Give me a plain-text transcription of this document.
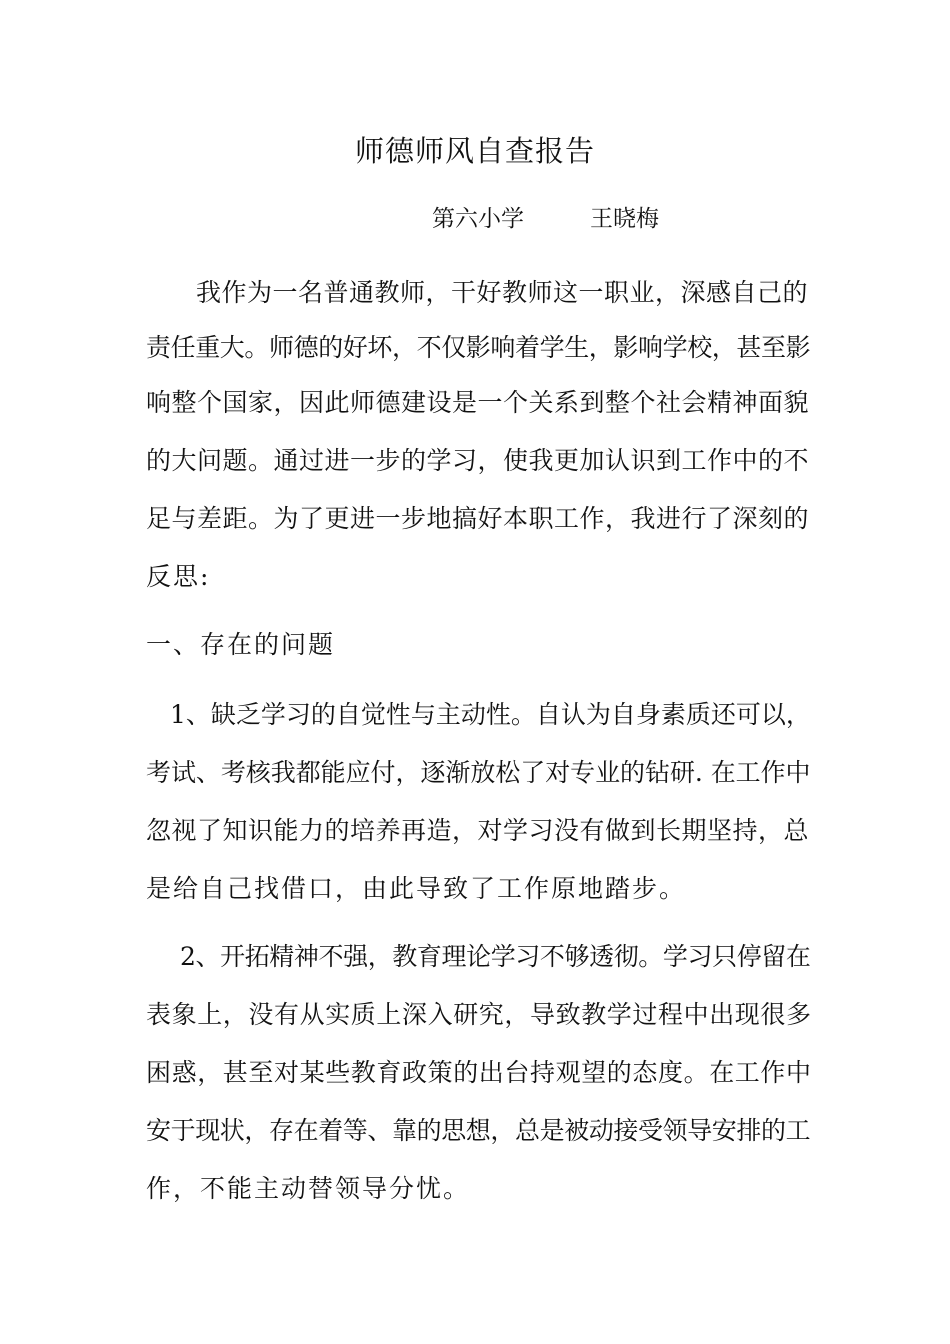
师德师风自查报告
第六小学	王晓梅
我作为一名普通教师，干好教师这一职业，深感自己的
责任重大。师德的好坏，不仅影响着学生，影响学校，甚至影
响整个国家，因此师德建设是一个关系到整个社会精神面貌
的大问题。通过进一步的学习，使我更加认识到工作中的不
足与差距。为了更进一步地搞好本职工作，我进行了深刻的
反思:
一、存在的问题
1、缺乏学习的自觉性与主动性。自认为自身素质还可以，
考试、考核我都能应付，逐渐放松了对专业的钻研. 在工作中
忽视了知识能力的培养再造，对学习没有做到长期坚持，总
是给自己找借口，由此导致了工作原地踏步。
2、开拓精神不强，教育理论学习不够透彻。学习只停留在
表象上，没有从实质上深入研究，导致教学过程中出现很多
困惑，甚至对某些教育政策的出台持观望的态度。在工作中
安于现状，存在着等、靠的思想，总是被动接受领导安排的工
作，不能主动替领导分忧。
